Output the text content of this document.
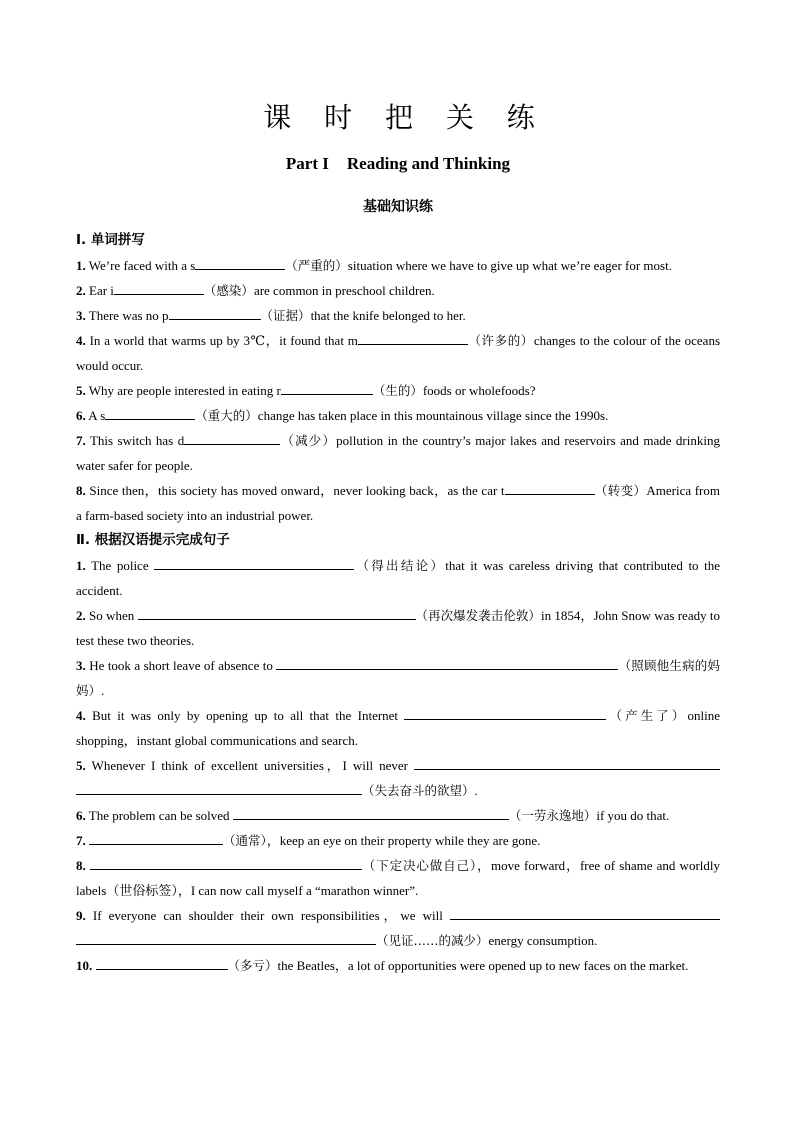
课 时 把 关 练
Part I Reading and Thinking
基础知识练

Ⅰ. 单词拼写

1. We’re faced with a s	（严重的）situation where we have to give up what we’re eager for most.

2. Ear i	（感染）are common in preschool children.

3. There was no p	（证据）that the knife belonged to her.

4. In a world that warms up by 3℃，it found that m	（许多的）changes to the colour of the oceans would occur.

5. Why are people interested in eating r	（生的）foods or wholefoods?

6. A s	（重大的）change has taken place in this mountainous village since the 1990s.

7. This switch has d	（减少）pollution in the country’s major lakes and reservoirs and made drinking water safer for people.

8. Since then，this society has moved onward，never looking back，as the car t	（转变）America from a farm-based society into an industrial power.

Ⅱ. 根据汉语提示完成句子

1. The police	（得出结论）that it was careless driving that contributed to the accident.

2. So when	（再次爆发袭击伦敦）in 1854，John Snow was ready to test these two theories.

3. He took a short leave of absence to	（照顾他生病的妈妈）.

4. But it was only by opening up to all that the Internet	（产生了）online shopping，instant global communications and search.

5. Whenever I think of excellent universities，I will never （失去奋斗的欲望）.

6. The problem can be solved	（一劳永逸地）if you do that.

7.	（通常），keep an eye on their property while they are gone.

8.	（下定决心做自己），move forward，free of shame and worldly labels（世俗标签），I can now call myself a “marathon winner”.

9. If everyone can shoulder their own responsibilities，we will （见证……的减少）energy consumption.

10.	（多亏）the Beatles，a lot of opportunities were opened up to new faces on the market.
